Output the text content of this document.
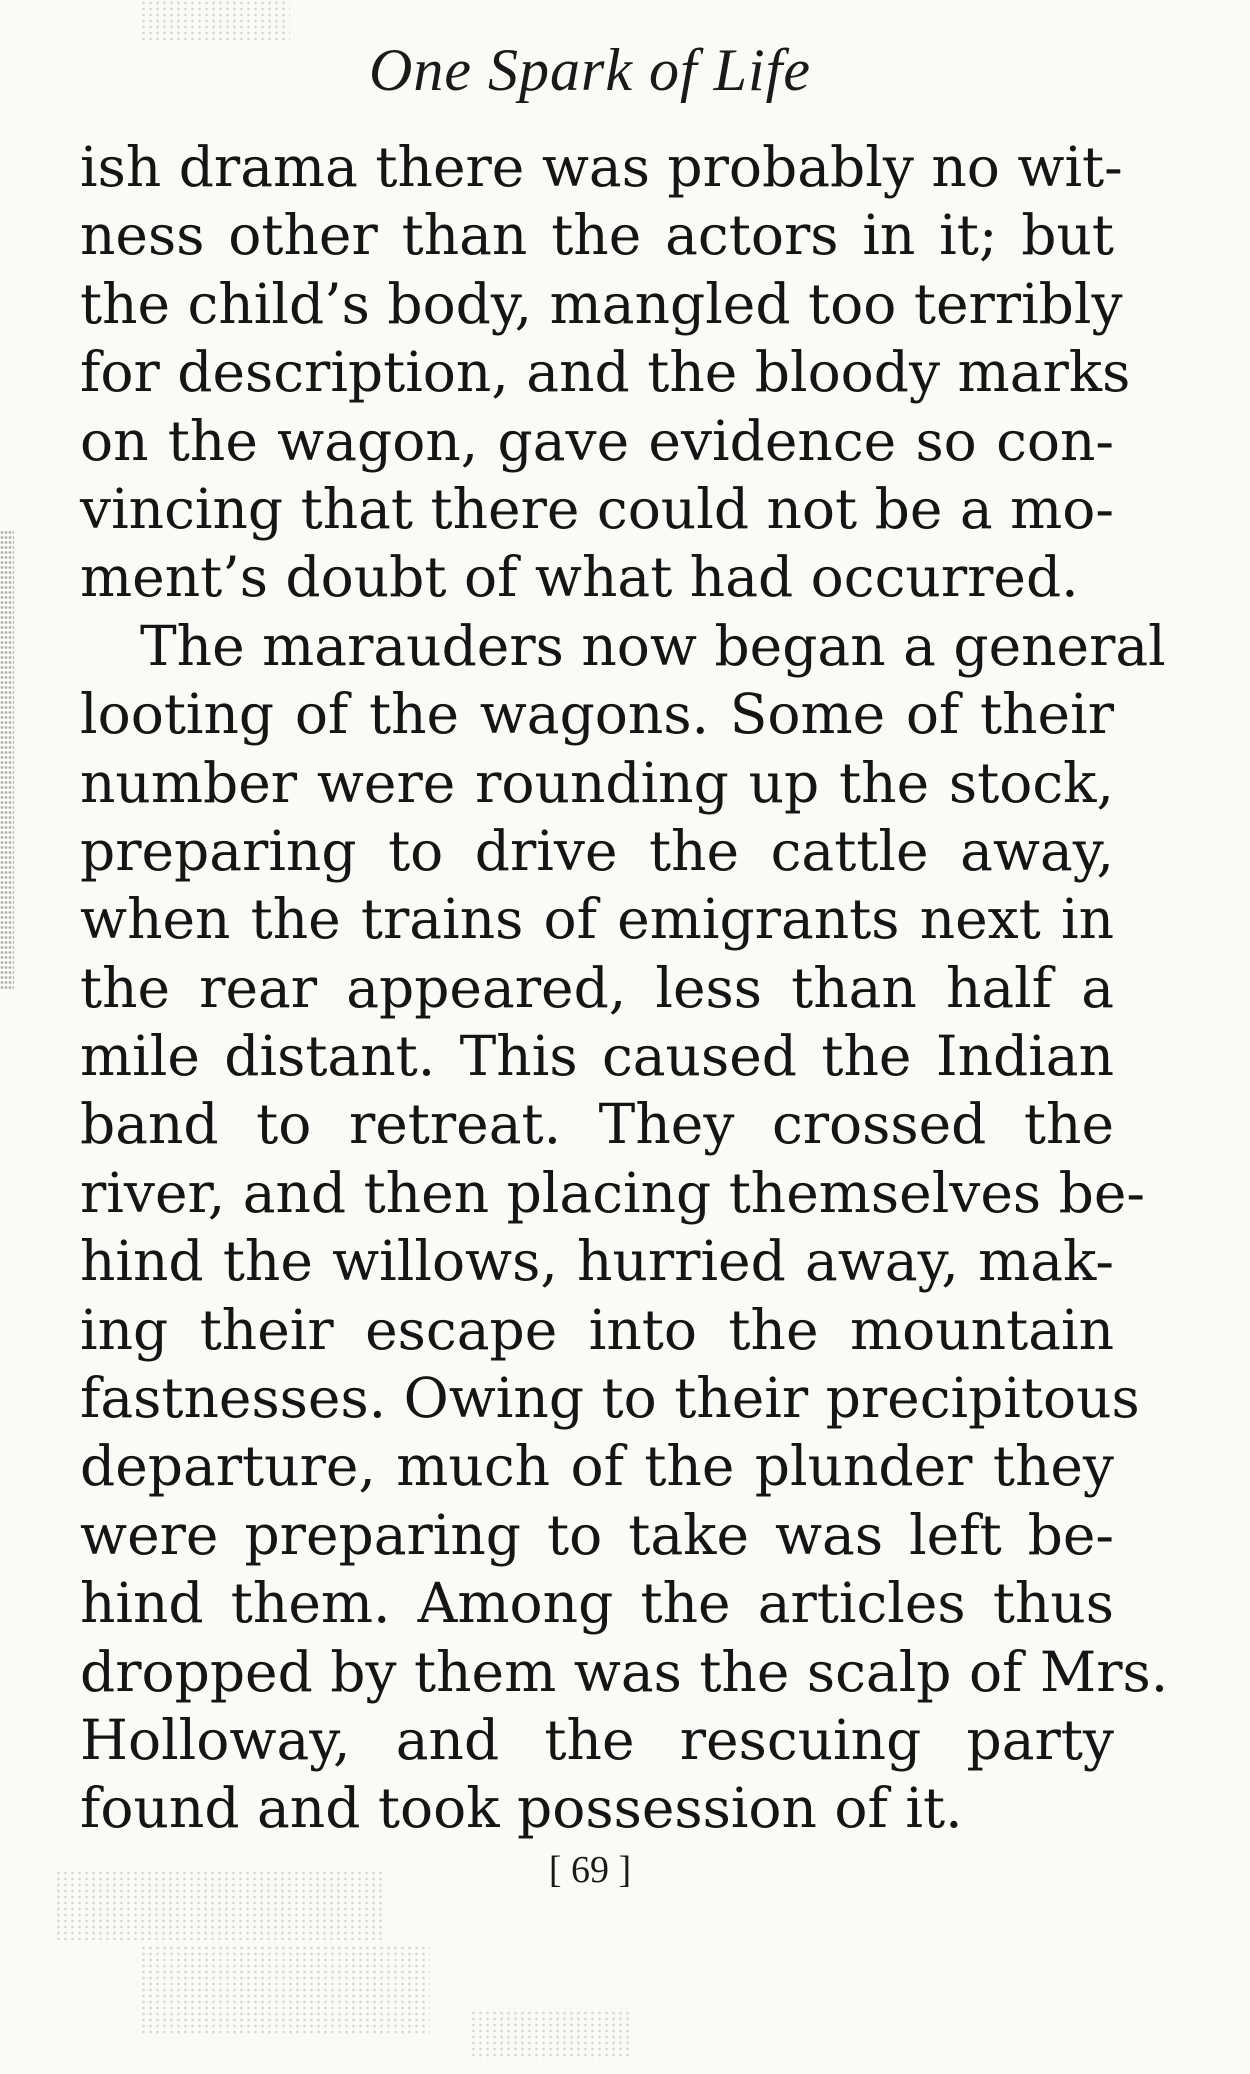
One Spark of Life
ish drama there was probably no wit-
ness other than the actors in it; but
the child’s body, mangled too terribly
for description, and the bloody marks
on the wagon, gave evidence so con-
vincing that there could not be a mo-
ment’s doubt of what had occurred.
The marauders now began a general
looting of the wagons. Some of their
number were rounding up the stock,
preparing to drive the cattle away,
when the trains of emigrants next in
the rear appeared, less than half a
mile distant. This caused the Indian
band to retreat. They crossed the
river, and then placing themselves be-
hind the willows, hurried away, mak-
ing their escape into the mountain
fastnesses. Owing to their precipitous
departure, much of the plunder they
were preparing to take was left be-
hind them. Among the articles thus
dropped by them was the scalp of Mrs.
Holloway, and the rescuing party
found and took possession of it.
[ 69 ]
